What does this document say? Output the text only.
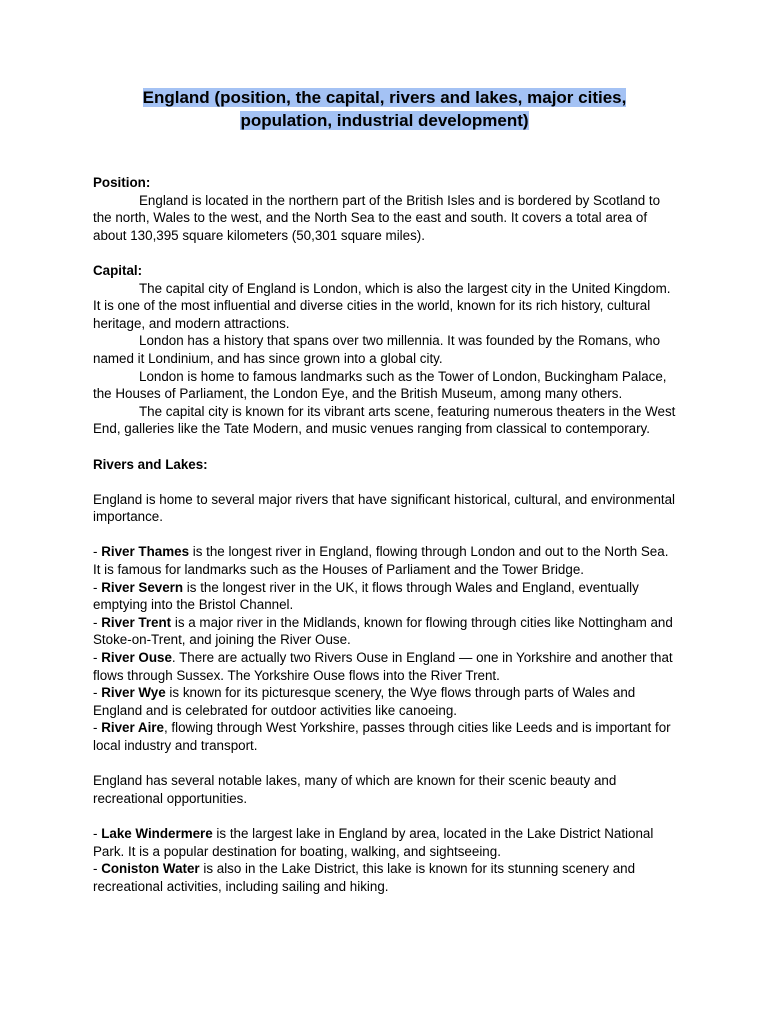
England (position, the capital, rivers and lakes, major cities,
population, industrial development)

Position:

England is located in the northern part of the British Isles and is bordered by Scotland to the north, Wales to the west, and the North Sea to the east and south. It covers a total area of about 130,395 square kilometers (50,301 square miles).

Capital:

The capital city of England is London, which is also the largest city in the United Kingdom. It is one of the most influential and diverse cities in the world, known for its rich history, cultural heritage, and modern attractions.

London has a history that spans over two millennia. It was founded by the Romans, who named it Londinium, and has since grown into a global city.

London is home to famous landmarks such as the Tower of London, Buckingham Palace, the Houses of Parliament, the London Eye, and the British Museum, among many others.

The capital city is known for its vibrant arts scene, featuring numerous theaters in the West End, galleries like the Tate Modern, and music venues ranging from classical to contemporary.

Rivers and Lakes:

England is home to several major rivers that have significant historical, cultural, and environmental importance.

- River Thames is the longest river in England, flowing through London and out to the North Sea. It is famous for landmarks such as the Houses of Parliament and the Tower Bridge.

- River Severn is the longest river in the UK, it flows through Wales and England, eventually emptying into the Bristol Channel.

- River Trent is a major river in the Midlands, known for flowing through cities like Nottingham and Stoke-on-Trent, and joining the River Ouse.

- River Ouse. There are actually two Rivers Ouse in England — one in Yorkshire and another that flows through Sussex. The Yorkshire Ouse flows into the River Trent.

- River Wye is known for its picturesque scenery, the Wye flows through parts of Wales and England and is celebrated for outdoor activities like canoeing.

- River Aire, flowing through West Yorkshire, passes through cities like Leeds and is important for local industry and transport.

England has several notable lakes, many of which are known for their scenic beauty and recreational opportunities.

- Lake Windermere is the largest lake in England by area, located in the Lake District National Park. It is a popular destination for boating, walking, and sightseeing.

- Coniston Water is also in the Lake District, this lake is known for its stunning scenery and recreational activities, including sailing and hiking.
